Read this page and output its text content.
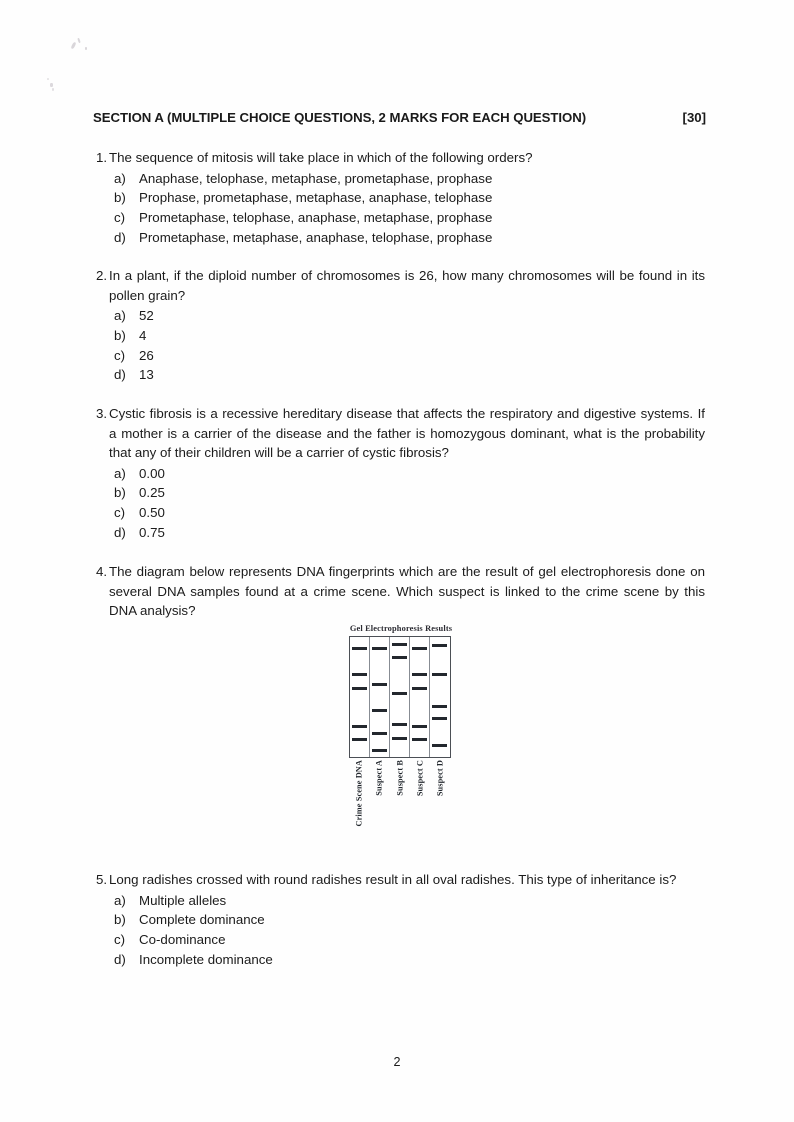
SECTION A (MULTIPLE CHOICE QUESTIONS, 2 MARKS FOR EACH QUESTION)	[30]
1. The sequence of mitosis will take place in which of the following orders?
a) Anaphase, telophase, metaphase, prometaphase, prophase
b) Prophase, prometaphase, metaphase, anaphase, telophase
c)	Prometaphase, telophase, anaphase, metaphase, prophase
d) Prometaphase, metaphase, anaphase, telophase, prophase
2. In a plant, if the diploid number of chromosomes is 26, how many chromosomes will be found in its pollen grain?
a) 52
b) 4
c)	26
d) 13
3. Cystic fibrosis is a recessive hereditary disease that affects the respiratory and digestive systems. If a mother is a carrier of the disease and the father is homozygous dominant, what is the probability that any of their children will be a carrier of cystic fibrosis?
a) 0.00
b) 0.25
c)	0.50
d) 0.75
4. The diagram below represents DNA fingerprints which are the result of gel electrophoresis done on several DNA samples found at a crime scene. Which suspect is linked to the crime scene by this DNA analysis?
Gel Electrophoresis Results
Crime Scene DNA Suspect A Suspect B Suspect C Suspect D
5. Long radishes crossed with round radishes result in all oval radishes. This type of inheritance is?
a) Multiple alleles
b) Complete dominance
c)	Co-dominance
d) Incomplete dominance
2
